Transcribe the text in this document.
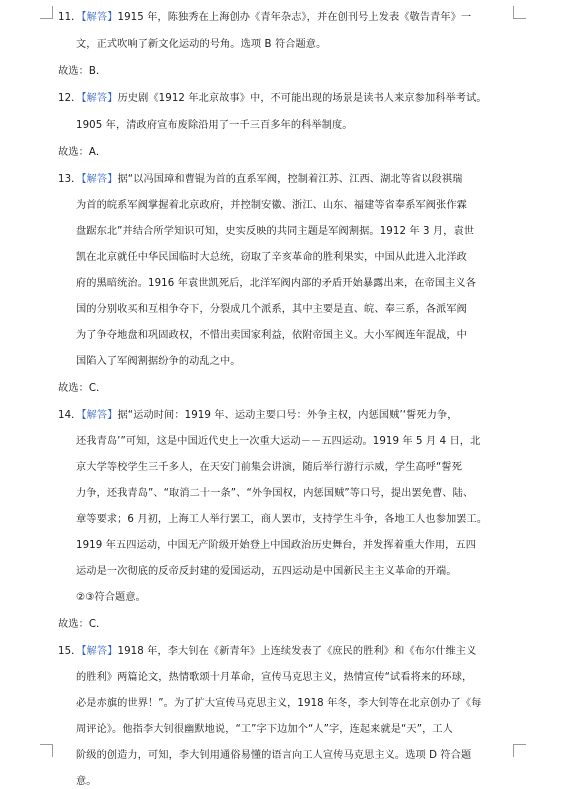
11．【解答】1915 年，陈独秀在上海创办《青年杂志》，并在创刊号上发表《敬告青年》一
文，正式吹响了新文化运动的号角。选项 B 符合题意。
故选：B．
12．【解答】历史剧《1912 年北京故事》中，不可能出现的场景是读书人来京参加科举考试。
1905 年，清政府宣布废除沿用了一千三百多年的科举制度。
故选：A．
13．【解答】据“以冯国璋和曹锟为首的直系军阀，控制着江苏、江西、湖北等省以段祺瑞
为首的皖系军阀掌握着北京政府，并控制安徽、浙江、山东、福建等省奉系军阀张作霖
盘踞东北”并结合所学知识可知，史实反映的共同主题是军阀割据。1912 年 3 月，袁世
凯在北京就任中华民国临时大总统，窃取了辛亥革命的胜利果实，中国从此进入北洋政
府的黑暗统治。1916 年袁世凯死后，北洋军阀内部的矛盾开始暴露出来，在帝国主义各
国的分别收买和互相争夺下，分裂成几个派系，其中主要是直、皖、奉三系，各派军阀
为了争夺地盘和巩固政权，不惜出卖国家利益，依附帝国主义。大小军阀连年混战，中
国陷入了军阀割据纷争的动乱之中。
故选：C．
14．【解答】据“运动时间：1919 年、运动主要口号：外争主权，内惩国贼’‘誓死力争，
还我青岛’”可知，这是中国近代史上一次重大运动－－五四运动。1919 年 5 月 4 日，北
京大学等校学生三千多人，在天安门前集会讲演，随后举行游行示威，学生高呼“誓死
力争，还我青岛”、“取消二十一条”、“外争国权，内惩国贼”等口号，提出罢免曹、陆、
章等要求；6 月初，上海工人举行罢工，商人罢市，支持学生斗争，各地工人也参加罢工。
1919 年五四运动，中国无产阶级开始登上中国政治历史舞台，并发挥着重大作用，五四
运动是一次彻底的反帝反封建的爱国运动，五四运动是中国新民主主义革命的开端。
②③符合题意。
故选：C．
15．【解答】1918 年，李大钊在《新青年》上连续发表了《庶民的胜利》和《布尔什维主义
的胜利》两篇论文，热情歌颂十月革命，宣传马克思主义，热情宣传“试看将来的环球，
必是赤旗的世界！”。为了扩大宣传马克思主义，1918 年冬，李大钊等在北京创办了《每
周评论》。他指李大钊很幽默地说，“工”字下边加个“人”字，连起来就是“天”，工人
阶级的创造力，可知，李大钊用通俗易懂的语言向工人宣传马克思主义。选项 D 符合题
意。
